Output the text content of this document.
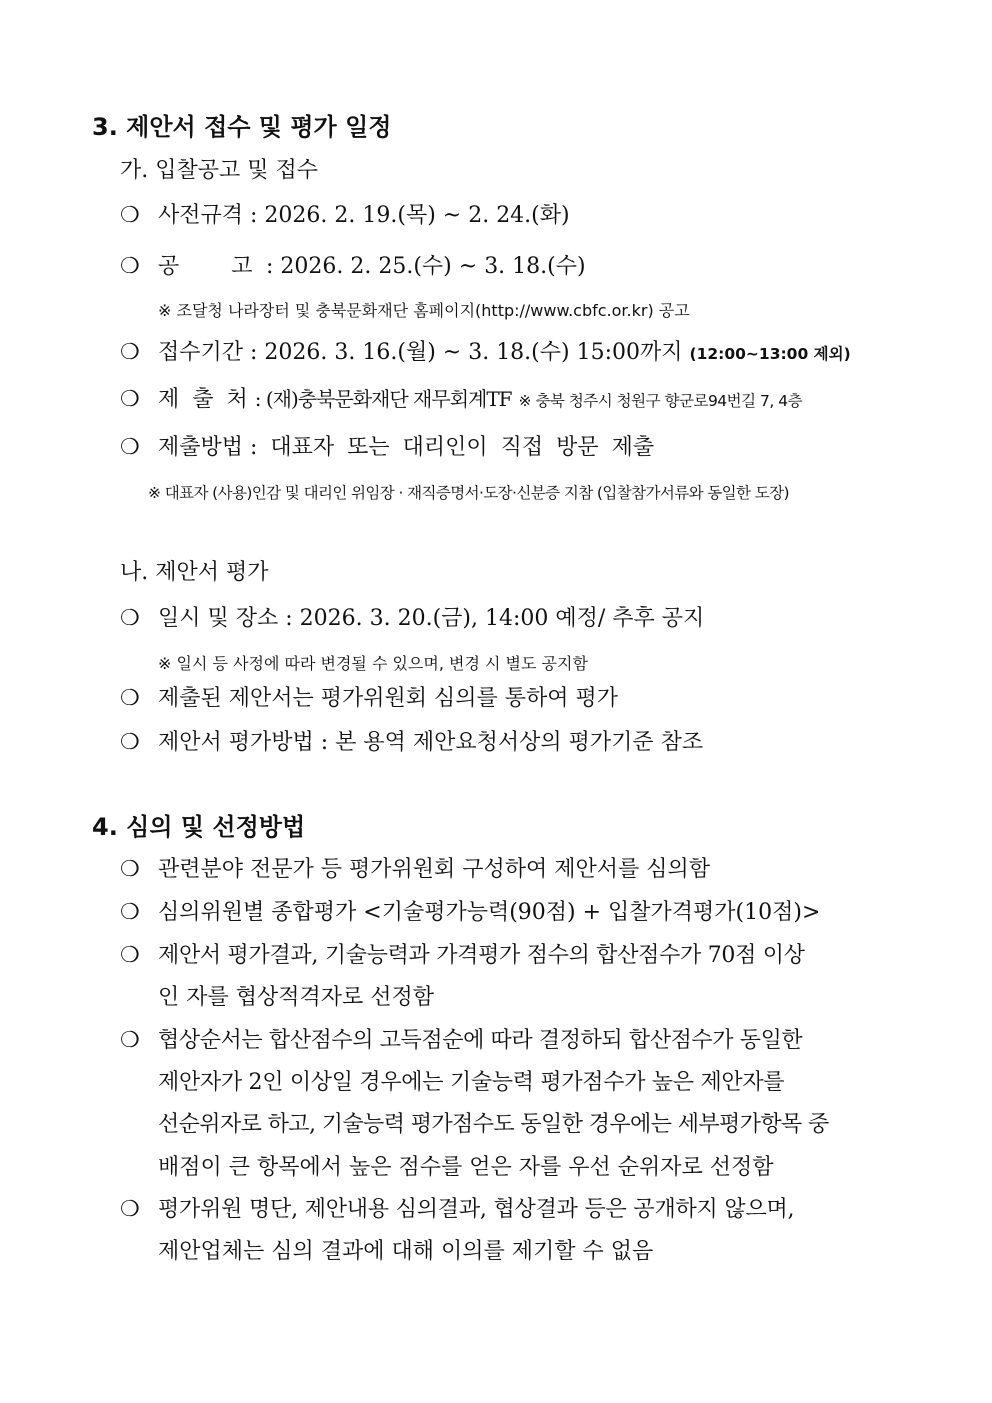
3. 제안서 접수 및 평가 일정
가. 입찰공고 및 접수
❍ 사전규격 : 2026. 2. 19.(목) ~ 2. 24.(화)
❍ 공 고 : 2026. 2. 25.(수) ~ 3. 18.(수)
※ 조달청 나라장터 및 충북문화재단 홈페이지(http://www.cbfc.or.kr) 공고
❍ 접수기간 : 2026. 3. 16.(월) ~ 3. 18.(수) 15:00까지 (12:00~13:00 제외)
❍ 제 출 처 : (재)충북문화재단 재무회계TF ※ 충북 청주시 청원구 향군로94번길 7, 4층
❍ 제출방법 : 대표자 또는 대리인이 직접 방문 제출
※ 대표자 (사용)인감 및 대리인 위임장 · 재직증명서·도장·신분증 지참 (입찰참가서류와 동일한 도장)
나. 제안서 평가
❍ 일시 및 장소 : 2026. 3. 20.(금), 14:00 예정/ 추후 공지
※ 일시 등 사정에 따라 변경될 수 있으며, 변경 시 별도 공지함
❍ 제출된 제안서는 평가위원회 심의를 통하여 평가
❍ 제안서 평가방법 : 본 용역 제안요청서상의 평가기준 참조
4. 심의 및 선정방법
❍ 관련분야 전문가 등 평가위원회 구성하여 제안서를 심의함
❍ 심의위원별 종합평가 <기술평가능력(90점) + 입찰가격평가(10점)>
❍ 제안서 평가결과, 기술능력과 가격평가 점수의 합산점수가 70점 이상
인 자를 협상적격자로 선정함
❍ 협상순서는 합산점수의 고득점순에 따라 결정하되 합산점수가 동일한
제안자가 2인 이상일 경우에는 기술능력 평가점수가 높은 제안자를
선순위자로 하고, 기술능력 평가점수도 동일한 경우에는 세부평가항목 중
배점이 큰 항목에서 높은 점수를 얻은 자를 우선 순위자로 선정함
❍ 평가위원 명단, 제안내용 심의결과, 협상결과 등은 공개하지 않으며,
제안업체는 심의 결과에 대해 이의를 제기할 수 없음
